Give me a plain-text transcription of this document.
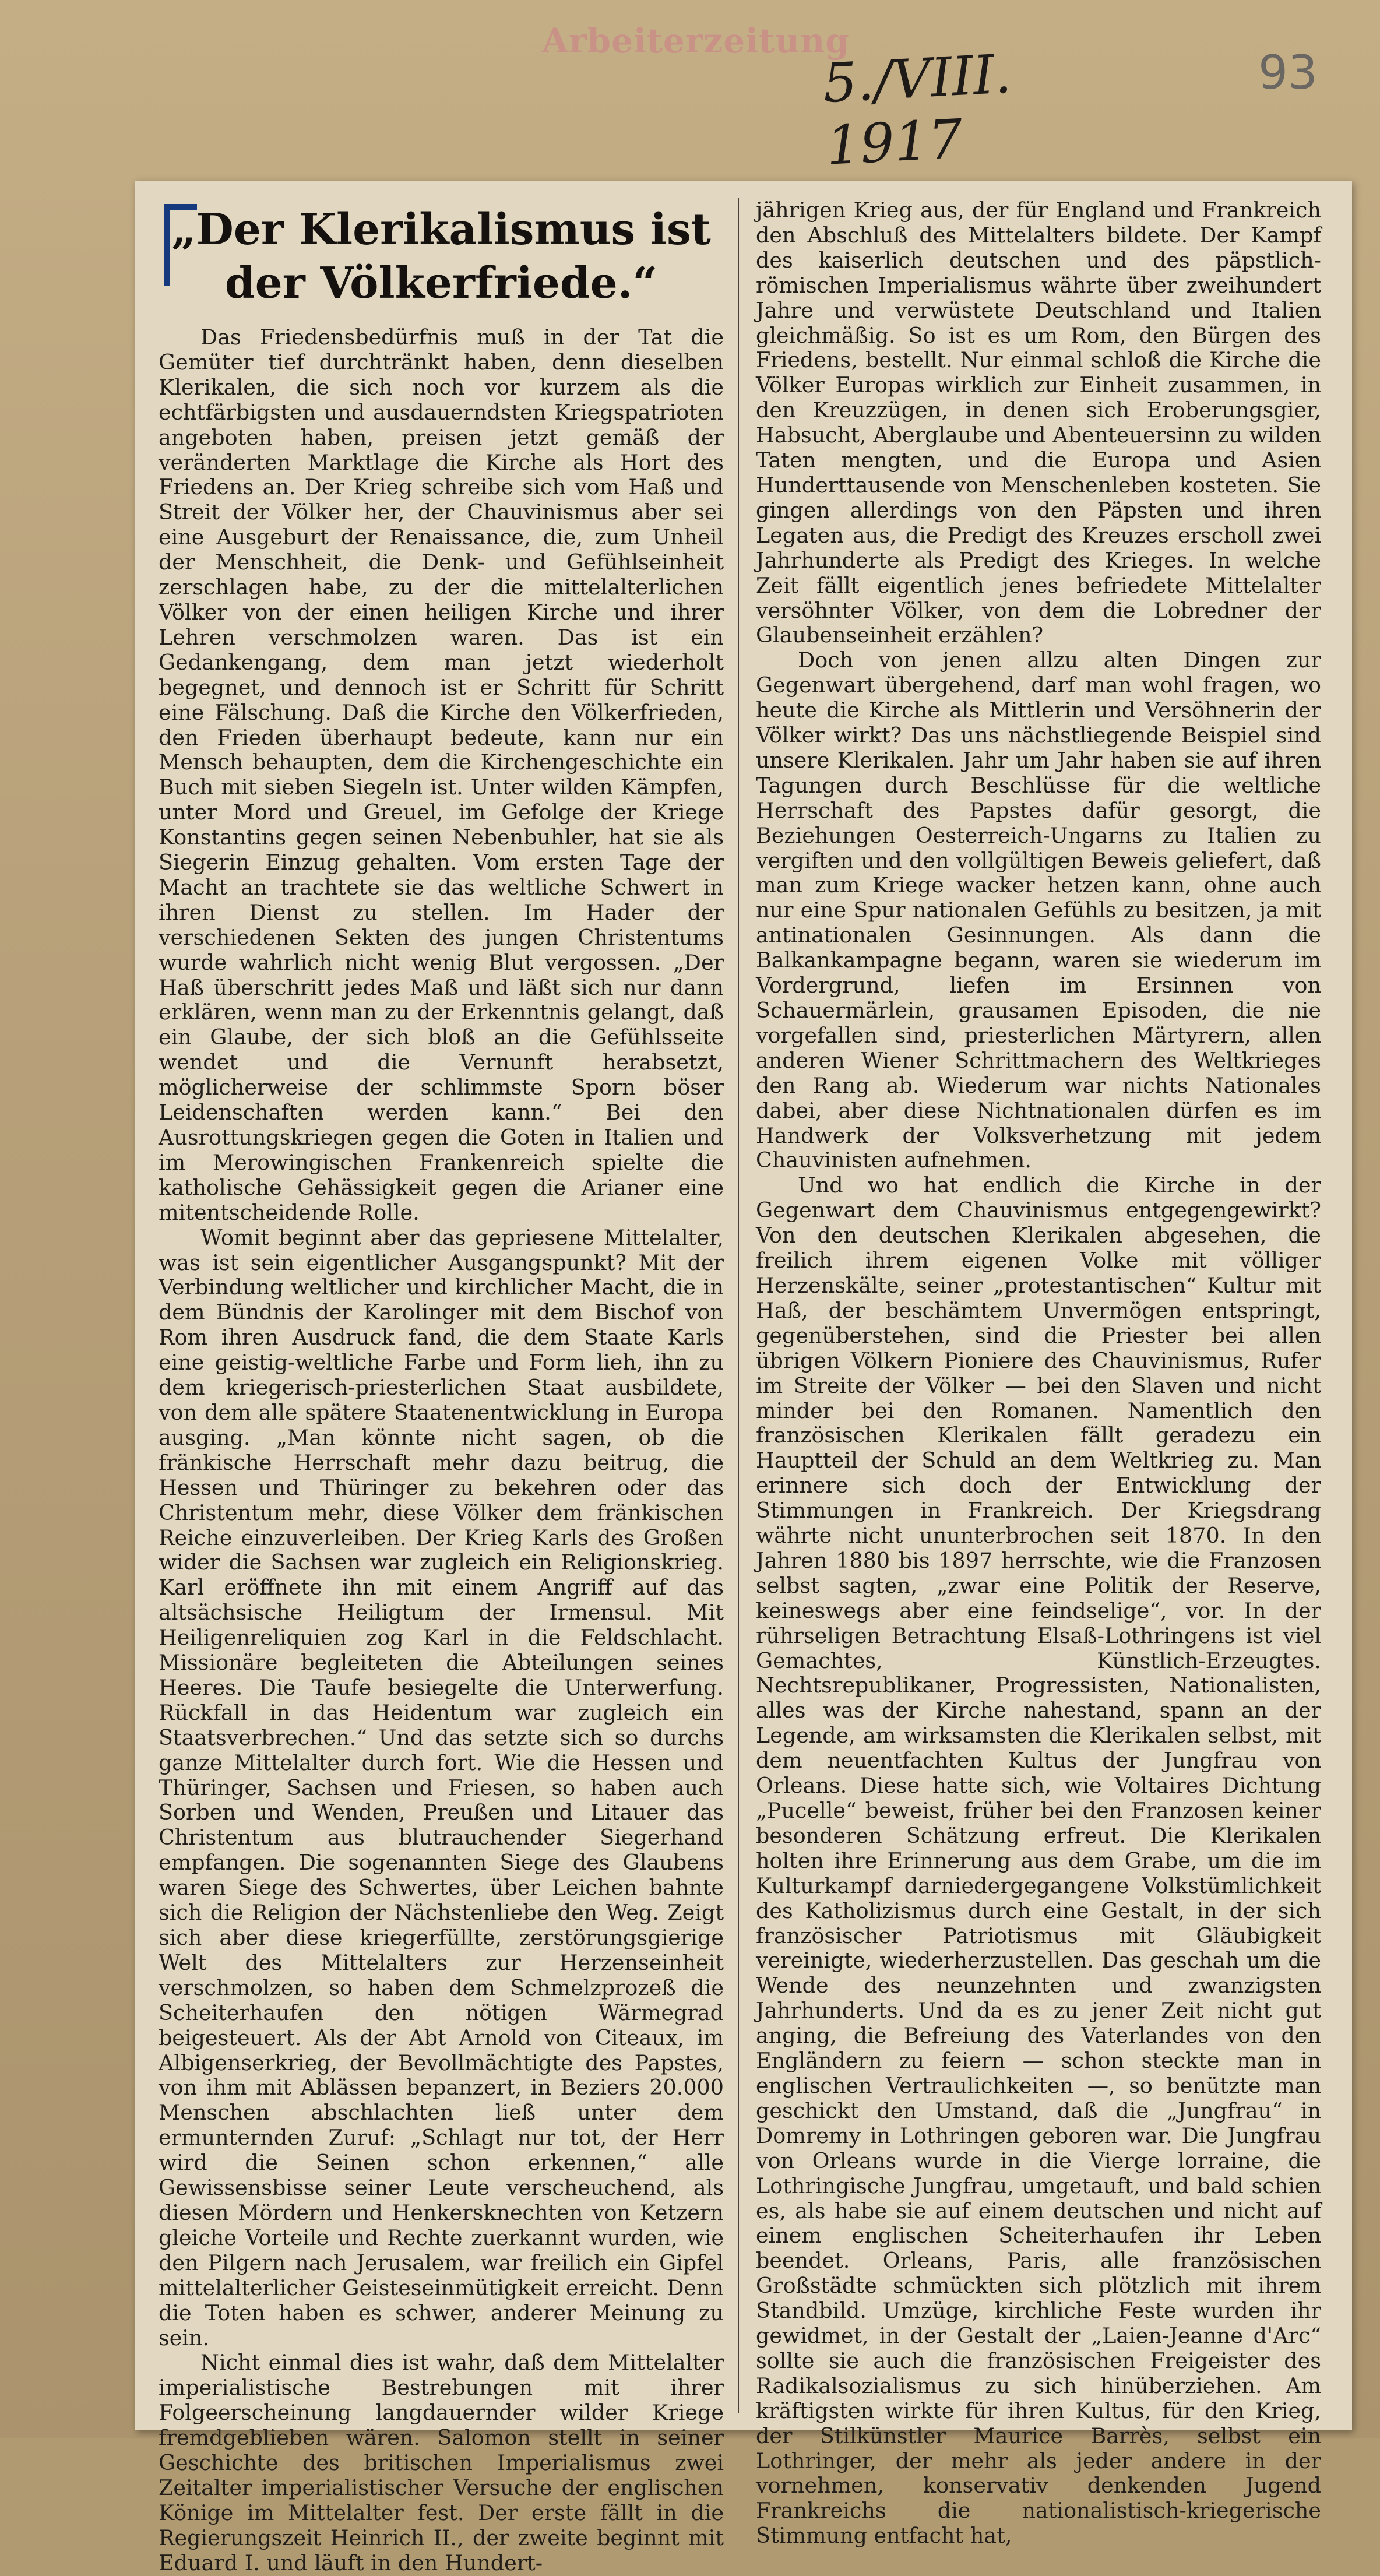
Arbeiterzeitung
5./VIII. 1917
93
„Der Klerikalismus ist der Völkerfriede.“

Das Friedensbedürfnis muß in der Tat die Gemüter tief durchtränkt haben, denn dieselben Klerikalen, die sich noch vor kurzem als die echtfärbigsten und ausdauerndsten Kriegspatrioten angeboten haben, preisen jetzt gemäß der veränderten Marktlage die Kirche als Hort des Friedens an. Der Krieg schreibe sich vom Haß und Streit der Völker her, der Chauvinismus aber sei eine Ausgeburt der Renaissance, die, zum Unheil der Menschheit, die Denk- und Gefühlseinheit zerschlagen habe, zu der die mittelalterlichen Völker von der einen heiligen Kirche und ihrer Lehren verschmolzen waren. Das ist ein Gedankengang, dem man jetzt wiederholt begegnet, und dennoch ist er Schritt für Schritt eine Fälschung. Daß die Kirche den Völkerfrieden, den Frieden überhaupt bedeute, kann nur ein Mensch behaupten, dem die Kirchengeschichte ein Buch mit sieben Siegeln ist. Unter wilden Kämpfen, unter Mord und Greuel, im Gefolge der Kriege Konstantins gegen seinen Nebenbuhler, hat sie als Siegerin Einzug gehalten. Vom ersten Tage der Macht an trachtete sie das weltliche Schwert in ihren Dienst zu stellen. Im Hader der verschiedenen Sekten des jungen Christentums wurde wahrlich nicht wenig Blut vergossen. „Der Haß überschritt jedes Maß und läßt sich nur dann erklären, wenn man zu der Erkenntnis gelangt, daß ein Glaube, der sich bloß an die Gefühlsseite wendet und die Vernunft herabsetzt, möglicherweise der schlimmste Sporn böser Leidenschaften werden kann.“ Bei den Ausrottungskriegen gegen die Goten in Italien und im Merowingischen Frankenreich spielte die katholische Gehässigkeit gegen die Arianer eine mitentscheidende Rolle.

Womit beginnt aber das gepriesene Mittelalter, was ist sein eigentlicher Ausgangspunkt? Mit der Verbindung weltlicher und kirchlicher Macht, die in dem Bündnis der Karolinger mit dem Bischof von Rom ihren Ausdruck fand, die dem Staate Karls eine geistig-weltliche Farbe und Form lieh, ihn zu dem kriegerisch-priesterlichen Staat ausbildete, von dem alle spätere Staatenentwicklung in Europa ausging. „Man könnte nicht sagen, ob die fränkische Herrschaft mehr dazu beitrug, die Hessen und Thüringer zu bekehren oder das Christentum mehr, diese Völker dem fränkischen Reiche einzuverleiben. Der Krieg Karls des Großen wider die Sachsen war zugleich ein Religionskrieg. Karl eröffnete ihn mit einem Angriff auf das altsächsische Heiligtum der Irmensul. Mit Heiligenreliquien zog Karl in die Feldschlacht. Missionäre begleiteten die Abteilungen seines Heeres. Die Taufe besiegelte die Unterwerfung. Rückfall in das Heidentum war zugleich ein Staatsverbrechen.“ Und das setzte sich so durchs ganze Mittelalter durch fort. Wie die Hessen und Thüringer, Sachsen und Friesen, so haben auch Sorben und Wenden, Preußen und Litauer das Christentum aus blutrauchender Siegerhand empfangen. Die sogenannten Siege des Glaubens waren Siege des Schwertes, über Leichen bahnte sich die Religion der Nächstenliebe den Weg. Zeigt sich aber diese kriegerfüllte, zerstörungsgierige Welt des Mittelalters zur Herzenseinheit verschmolzen, so haben dem Schmelzprozeß die Scheiterhaufen den nötigen Wärmegrad beigesteuert. Als der Abt Arnold von Citeaux, im Albigenserkrieg, der Bevollmächtigte des Papstes, von ihm mit Ablässen bepanzert, in Beziers 20.000 Menschen abschlachten ließ unter dem ermunternden Zuruf: „Schlagt nur tot, der Herr wird die Seinen schon erkennen,“ alle Gewissensbisse seiner Leute verscheuchend, als diesen Mördern und Henkersknechten von Ketzern gleiche Vorteile und Rechte zuerkannt wurden, wie den Pilgern nach Jerusalem, war freilich ein Gipfel mittelalterlicher Geisteseinmütigkeit erreicht. Denn die Toten haben es schwer, anderer Meinung zu sein.

Nicht einmal dies ist wahr, daß dem Mittelalter imperialistische Bestrebungen mit ihrer Folgeerscheinung langdauernder wilder Kriege fremdgeblieben wären. Salomon stellt in seiner Geschichte des britischen Imperialismus zwei Zeitalter imperialistischer Versuche der englischen Könige im Mittelalter fest. Der erste fällt in die Regierungszeit Heinrich II., der zweite beginnt mit Eduard I. und läuft in den Hundert-

jährigen Krieg aus, der für England und Frankreich den Abschluß des Mittelalters bildete. Der Kampf des kaiserlich deutschen und des päpstlich-römischen Imperialismus währte über zweihundert Jahre und verwüstete Deutschland und Italien gleichmäßig. So ist es um Rom, den Bürgen des Friedens, bestellt. Nur einmal schloß die Kirche die Völker Europas wirklich zur Einheit zusammen, in den Kreuzzügen, in denen sich Eroberungsgier, Habsucht, Aberglaube und Abenteuersinn zu wilden Taten mengten, und die Europa und Asien Hunderttausende von Menschenleben kosteten. Sie gingen allerdings von den Päpsten und ihren Legaten aus, die Predigt des Kreuzes erscholl zwei Jahrhunderte als Predigt des Krieges. In welche Zeit fällt eigentlich jenes befriedete Mittelalter versöhnter Völker, von dem die Lobredner der Glaubenseinheit erzählen?

Doch von jenen allzu alten Dingen zur Gegenwart übergehend, darf man wohl fragen, wo heute die Kirche als Mittlerin und Versöhnerin der Völker wirkt? Das uns nächstliegende Beispiel sind unsere Klerikalen. Jahr um Jahr haben sie auf ihren Tagungen durch Beschlüsse für die weltliche Herrschaft des Papstes dafür gesorgt, die Beziehungen Oesterreich-Ungarns zu Italien zu vergiften und den vollgültigen Beweis geliefert, daß man zum Kriege wacker hetzen kann, ohne auch nur eine Spur nationalen Gefühls zu besitzen, ja mit antinationalen Gesinnungen. Als dann die Balkankampagne begann, waren sie wiederum im Vordergrund, liefen im Ersinnen von Schauermärlein, grausamen Episoden, die nie vorgefallen sind, priesterlichen Märtyrern, allen anderen Wiener Schrittmachern des Weltkrieges den Rang ab. Wiederum war nichts Nationales dabei, aber diese Nichtnationalen dürfen es im Handwerk der Volksverhetzung mit jedem Chauvinisten aufnehmen.

Und wo hat endlich die Kirche in der Gegenwart dem Chauvinismus entgegengewirkt? Von den deutschen Klerikalen abgesehen, die freilich ihrem eigenen Volke mit völliger Herzenskälte, seiner „protestantischen“ Kultur mit Haß, der beschämtem Unvermögen entspringt, gegenüberstehen, sind die Priester bei allen übrigen Völkern Pioniere des Chauvinismus, Rufer im Streite der Völker — bei den Slaven und nicht minder bei den Romanen. Namentlich den französischen Klerikalen fällt geradezu ein Hauptteil der Schuld an dem Weltkrieg zu. Man erinnere sich doch der Entwicklung der Stimmungen in Frankreich. Der Kriegsdrang währte nicht ununterbrochen seit 1870. In den Jahren 1880 bis 1897 herrschte, wie die Franzosen selbst sagten, „zwar eine Politik der Reserve, keineswegs aber eine feindselige“, vor. In der rührseligen Betrachtung Elsaß-Lothringens ist viel Gemachtes, Künstlich-Erzeugtes. Nechtsrepublikaner, Progressisten, Nationalisten, alles was der Kirche nahestand, spann an der Legende, am wirksamsten die Klerikalen selbst, mit dem neuentfachten Kultus der Jungfrau von Orleans. Diese hatte sich, wie Voltaires Dichtung „Pucelle“ beweist, früher bei den Franzosen keiner besonderen Schätzung erfreut. Die Klerikalen holten ihre Erinnerung aus dem Grabe, um die im Kulturkampf darniedergegangene Volkstümlichkeit des Katholizismus durch eine Gestalt, in der sich französischer Patriotismus mit Gläubigkeit vereinigte, wiederherzustellen. Das geschah um die Wende des neunzehnten und zwanzigsten Jahrhunderts. Und da es zu jener Zeit nicht gut anging, die Befreiung des Vaterlandes von den Engländern zu feiern — schon steckte man in englischen Vertraulichkeiten —, so benützte man geschickt den Umstand, daß die „Jungfrau“ in Domremy in Lothringen geboren war. Die Jungfrau von Orleans wurde in die Vierge lorraine, die Lothringische Jungfrau, umgetauft, und bald schien es, als habe sie auf einem deutschen und nicht auf einem englischen Scheiterhaufen ihr Leben beendet. Orleans, Paris, alle französischen Großstädte schmückten sich plötzlich mit ihrem Standbild. Umzüge, kirchliche Feste wurden ihr gewidmet, in der Gestalt der „Laien-Jeanne d'Arc“ sollte sie auch die französischen Freigeister des Radikalsozialismus zu sich hinüberziehen. Am kräftigsten wirkte für ihren Kultus, für den Krieg, der Stilkünstler Maurice Barrès, selbst ein Lothringer, der mehr als jeder andere in der vornehmen, konservativ denkenden Jugend Frankreichs die nationalistisch-kriegerische Stimmung entfacht hat,
